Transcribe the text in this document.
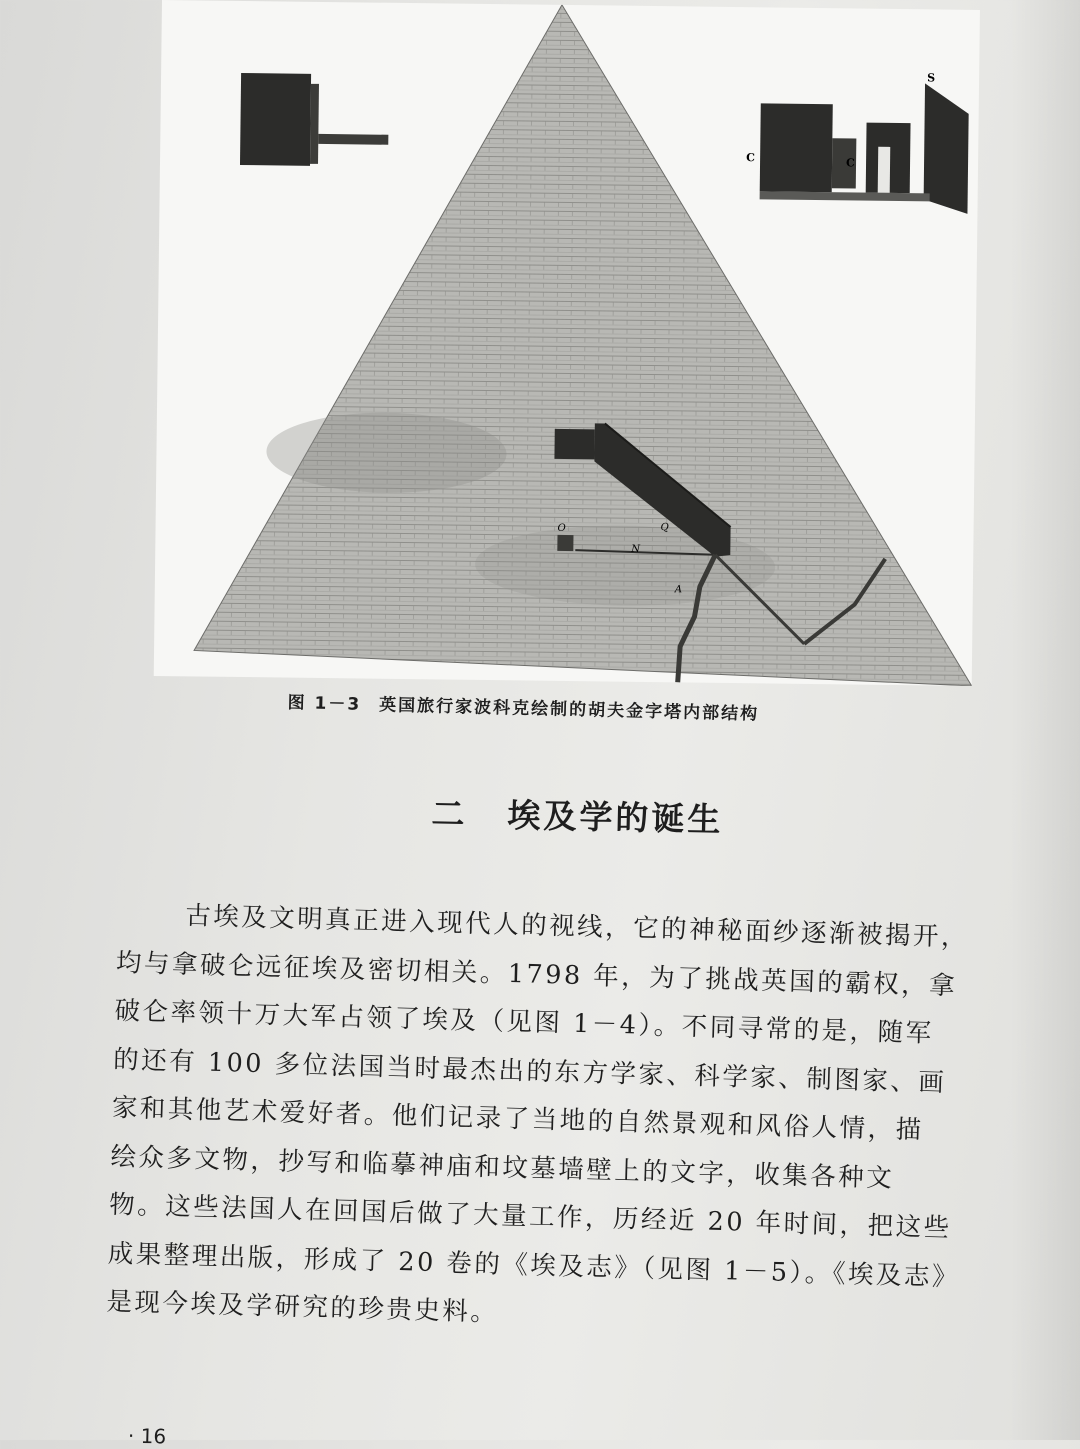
C	C
S
Q
N
A
O
图 1－3 英国旅行家波科克绘制的胡夫金字塔内部结构
二 埃及学的诞生
古埃及文明真正进入现代人的视线，它的神秘面纱逐渐被揭开，
均与拿破仑远征埃及密切相关。1798 年，为了挑战英国的霸权，拿
破仑率领十万大军占领了埃及（见图 1－4）。不同寻常的是，随军
的还有 100 多位法国当时最杰出的东方学家、科学家、制图家、画
家和其他艺术爱好者。他们记录了当地的自然景观和风俗人情，描
绘众多文物，抄写和临摹神庙和坟墓墙壁上的文字，收集各种文
物。这些法国人在回国后做了大量工作，历经近 20 年时间，把这些
成果整理出版，形成了 20 卷的《埃及志》（见图 1－5）。《埃及志》
是现今埃及学研究的珍贵史料。
· 16
